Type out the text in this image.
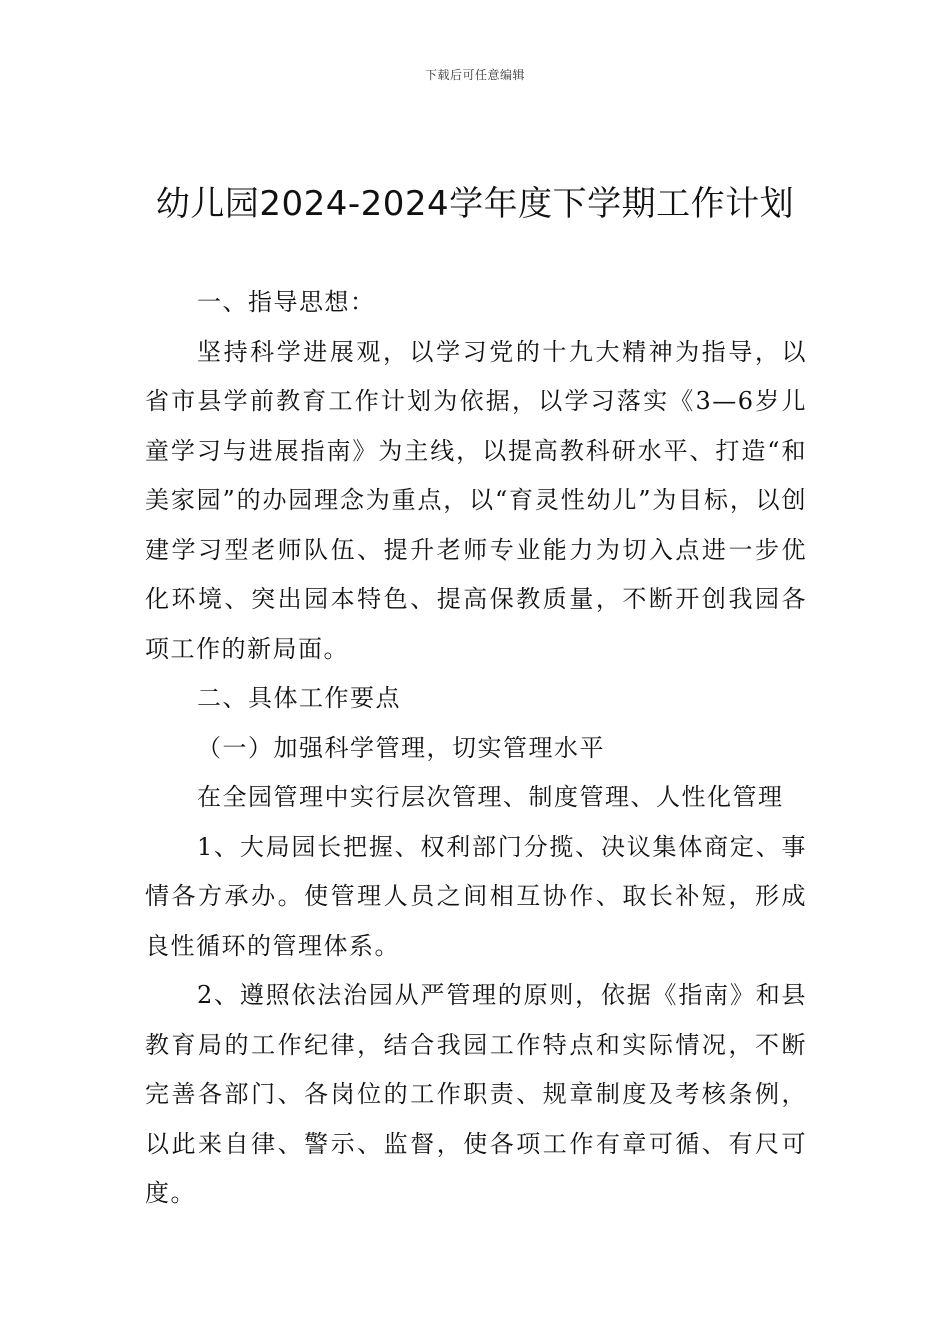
下载后可任意编辑
幼儿园2024-2024学年度下学期工作计划

一、指导思想：

坚持科学进展观，以学习党的十九大精神为指导，以省市县学前教育工作计划为依据，以学习落实《3—6岁儿童学习与进展指南》为主线，以提高教科研水平、打造“和美家园”的办园理念为重点，以“育灵性幼儿”为目标，以创建学习型老师队伍、提升老师专业能力为切入点进一步优化环境、突出园本特色、提高保教质量，不断开创我园各项工作的新局面。

二、具体工作要点

（一）加强科学管理，切实管理水平

在全园管理中实行层次管理、制度管理、人性化管理

1、大局园长把握、权利部门分揽、决议集体商定、事情各方承办。使管理人员之间相互协作、取长补短，形成良性循环的管理体系。

2、遵照依法治园从严管理的原则，依据《指南》和县教育局的工作纪律，结合我园工作特点和实际情况，不断完善各部门、各岗位的工作职责、规章制度及考核条例，以此来自律、警示、监督，使各项工作有章可循、有尺可度。
